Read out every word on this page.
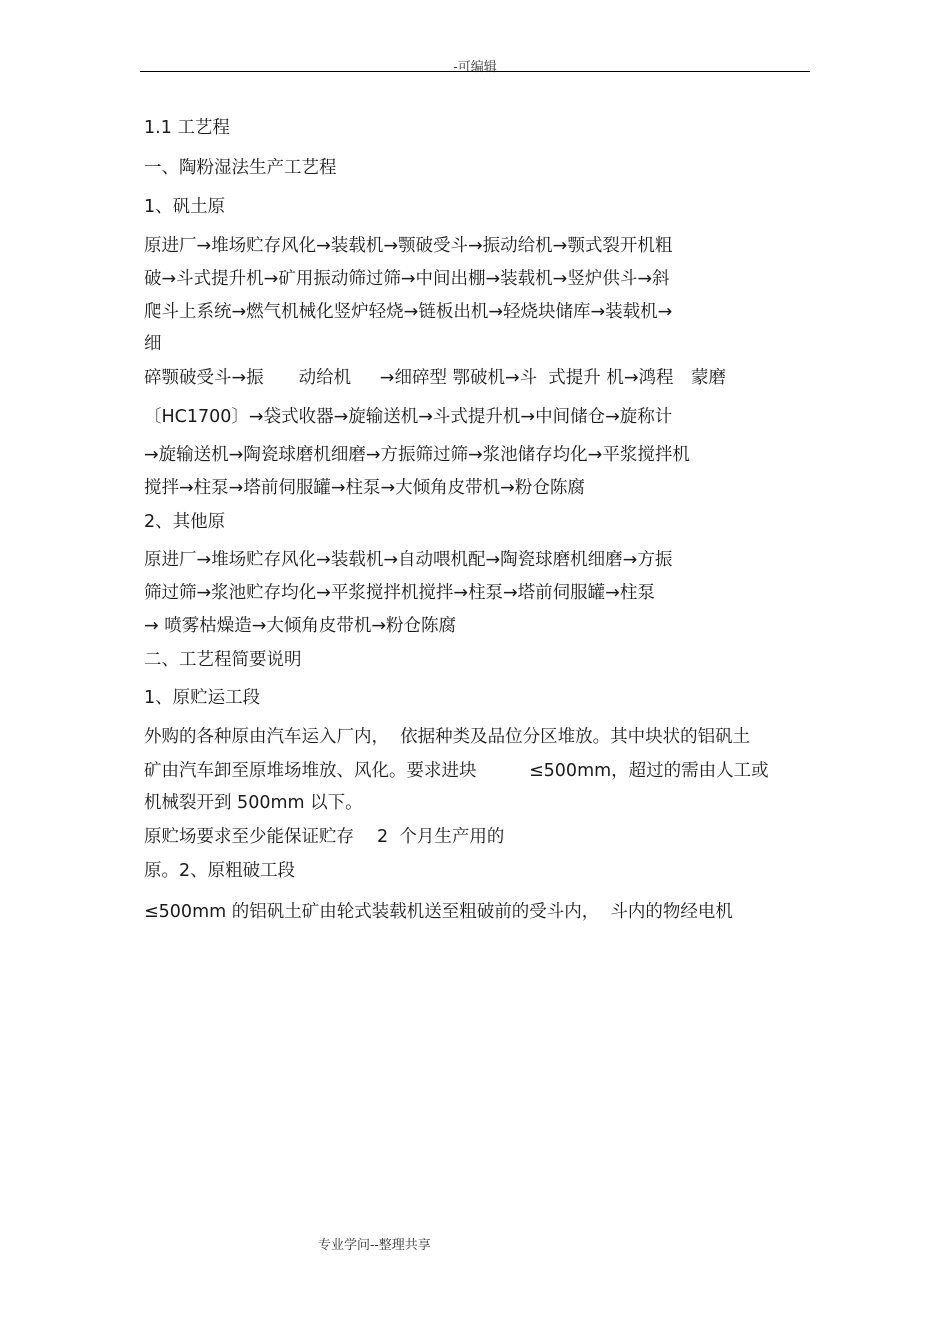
-可编辑
1.1 工艺程
一、陶粉湿法生产工艺程
1、矾土原
原进厂→堆场贮存风化→装载机→颚破受斗→振动给机→颚式裂开机粗
破→斗式提升机→矿用振动筛过筛→中间出棚→装载机→竖炉供斗→斜
爬斗上系统→燃气机械化竖炉轻烧→链板出机→轻烧块储库→装载机→
细
碎颚破受斗→振　　动给机　  →细碎型 鄂破机→斗  式提升 机→鸿程　蒙磨
〔HC1700〕→袋式收器→旋输送机→斗式提升机→中间储仓→旋称计
→旋输送机→陶瓷球磨机细磨→方振筛过筛→浆池储存均化→平浆搅拌机
搅拌→柱泵→塔前伺服罐→柱泵→大倾角皮带机→粉仓陈腐
2、其他原
原进厂→堆场贮存风化→装载机→自动喂机配→陶瓷球磨机细磨→方振
筛过筛→浆池贮存均化→平浆搅拌机搅拌→柱泵→塔前伺服罐→柱泵
→ 喷雾枯燥造→大倾角皮带机→粉仓陈腐
二、工艺程简要说明
1、原贮运工段
外购的各种原由汽车运入厂内，  依据种类及品位分区堆放。其中块状的铝矾土
矿由汽车卸至原堆场堆放、风化。要求进块　　　≤500mm，超过的需由人工或
机械裂开到 500mm 以下。
原贮场要求至少能保证贮存　 2  个月生产用的
原。2、原粗破工段
≤500mm 的铝矾土矿由轮式装载机送至粗破前的受斗内，  斗内的物经电机
专业学问--整理共享
